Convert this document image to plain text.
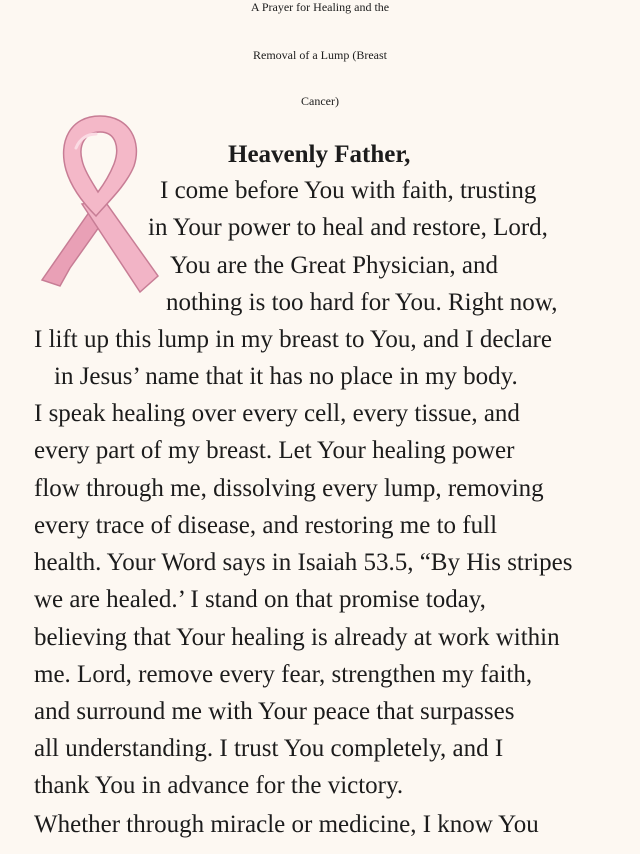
A Prayer for Healing and the
Removal of a Lump (Breast
Cancer)
Heavenly Father,
I come before You with faith, trusting
in Your power to heal and restore, Lord,
You are the Great Physician, and
nothing is too hard for You. Right now,
I lift up this lump in my breast to You, and I declare
in Jesus’ name that it has no place in my body.
I speak healing over every cell, every tissue, and
every part of my breast. Let Your healing power
flow through me, dissolving every lump, removing
every trace of disease, and restoring me to full
health. Your Word says in Isaiah 53.5, “By His stripes
we are healed.’ I stand on that promise today,
believing that Your healing is already at work within
me. Lord, remove every fear, strengthen my faith,
and surround me with Your peace that surpasses
all understanding. I trust You completely, and I
thank You in advance for the victory.
Whether through miracle or medicine, I know You
